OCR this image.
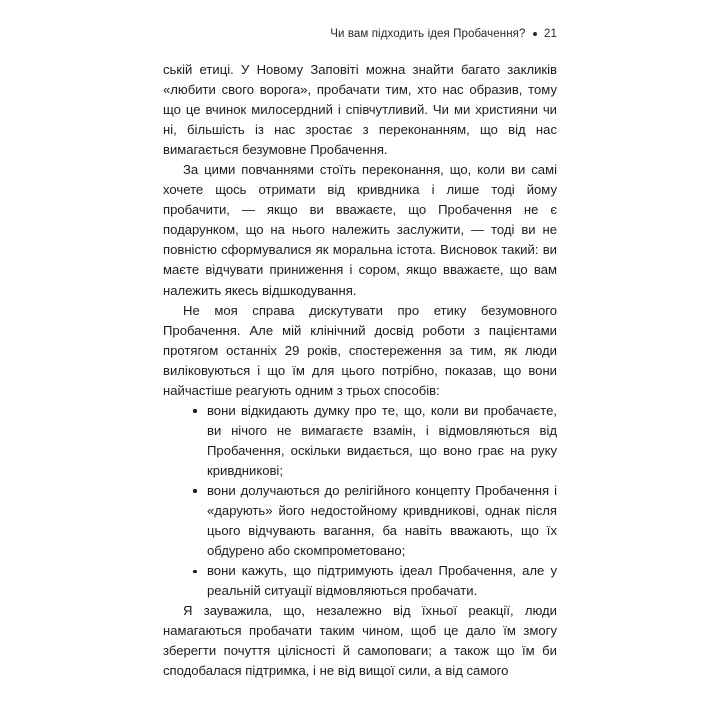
Чи вам підходить ідея Пробачення? 21

ській етиці. У Новому Заповіті можна знайти багато закликів «любити свого ворога», пробачати тим, хто нас образив, тому що це вчинок милосердний і співчутливий. Чи ми християни чи ні, більшість із нас зростає з переконанням, що від нас вимагається безумовне Пробачення.

За цими повчаннями стоїть переконання, що, коли ви самі хочете щось отримати від кривдника і лише тоді йому пробачити, — якщо ви вважаєте, що Пробачення не є подарунком, що на нього належить заслужити, — тоді ви не повністю сформувалися як моральна істота. Висновок такий: ви маєте відчувати приниження і сором, якщо вважаєте, що вам належить якесь відшкодування.

Не моя справа дискутувати про етику безумовного Пробачення. Але мій клінічний досвід роботи з пацієнтами протягом останніх 29 років, спостереження за тим, як люди виліковуються і що їм для цього потрібно, показав, що вони найчастіше реагують одним з трьох способів:

вони відкидають думку про те, що, коли ви пробачаєте, ви нічого не вимагаєте взамін, і відмовляються від Пробачення, оскільки видається, що воно грає на руку кривдникові;
вони долучаються до релігійного концепту Пробачення і «дарують» його недостойному кривдникові, однак після цього відчувають вагання, ба навіть вважають, що їх обдурено або скомпрометовано;
вони кажуть, що підтримують ідеал Пробачення, але у реальній ситуації відмовляються пробачати.

Я зауважила, що, незалежно від їхньої реакції, люди намагаються пробачати таким чином, щоб це дало їм змогу зберегти почуття цілісності й самоповаги; а також що їм би сподобалася підтримка, і не від вищої сили, а від самого
